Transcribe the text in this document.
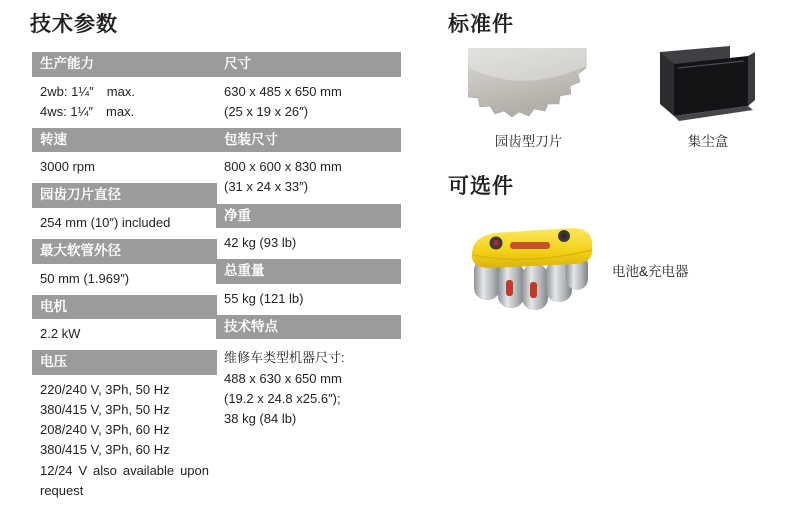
技术参数	标准件
可选件
生产能力
2wb: 1¼″　max.
4ws: 1¼″　max.
转速
3000 rpm
园齿刀片直径
254 mm (10″) included
最大软管外径
50 mm (1.969″)
电机
2.2 kW
电压
220/240 V, 3Ph, 50 Hz
380/415 V, 3Ph, 50 Hz
208/240 V, 3Ph, 60 Hz
380/415 V, 3Ph, 60 Hz
12/24 V also available upon request
尺寸
630 x 485 x 650 mm
(25 x 19 x 26″)
包装尺寸
800 x 600 x 830 mm
(31 x 24 x 33″)
净重
42 kg (93 lb)
总重量
55 kg (121 lb)
技术特点
维修车类型机器尺寸:
488 x 630 x 650 mm
(19.2 x 24.8 x25.6″);
38 kg (84 lb)
园齿型刀片	集尘盒
电池&充电器
